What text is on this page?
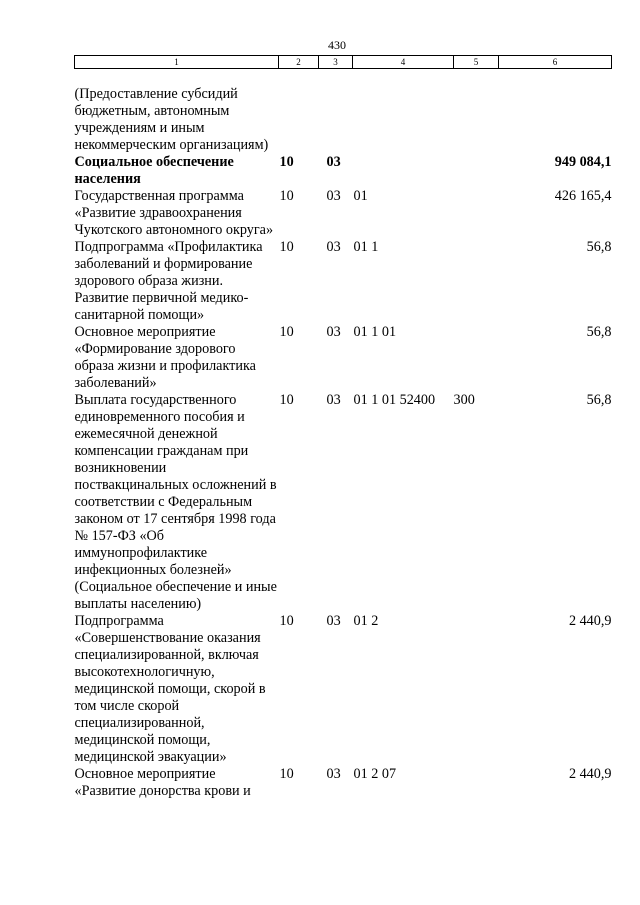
430
1	2	3	4	5	6
(Предоставление субсидий бюджетным, автономным учреждениям и иным некоммерческим организациям)					
Социальное обеспечение населения	10	03			949 084,1
Государственная программа «Развитие здравоохранения Чукотского автономного округа»	10	03	01		426 165,4
Подпрограмма «Профилактика заболеваний и формирование здорового образа жизни. Развитие первичной медико-санитарной помощи»	10	03	01 1		56,8
Основное мероприятие «Формирование здорового образа жизни и профилактика заболеваний»	10	03	01 1 01		56,8
Выплата государственного единовременного пособия и ежемесячной денежной компенсации гражданам при возникновении поствакцинальных осложнений в соответствии с Федеральным законом от 17 сентября 1998 года № 157-ФЗ «Об иммунопрофилактике инфекционных болезней» (Социальное обеспечение и иные выплаты населению)	10	03	01 1 01 52400	300	56,8
Подпрограмма «Совершенствование оказания специализированной, включая высокотехнологичную, медицинской помощи, скорой в том числе скорой специализированной, медицинской помощи, медицинской эвакуации»	10	03	01 2		2 440,9
Основное мероприятие «Развитие донорства крови и	10	03	01 2 07		2 440,9
